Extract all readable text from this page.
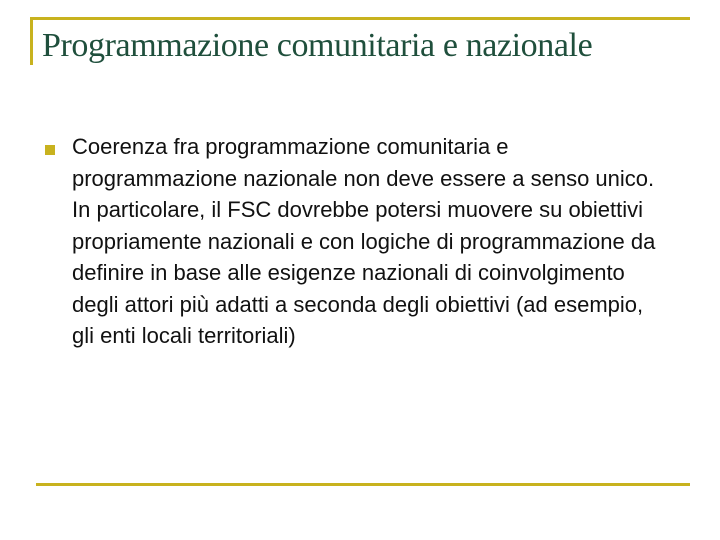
Programmazione comunitaria e nazionale
Coerenza fra programmazione comunitaria e programmazione nazionale non deve essere a senso unico. In particolare, il FSC dovrebbe potersi muovere su obiettivi propriamente nazionali e con logiche di programmazione da definire in base alle esigenze nazionali di coinvolgimento degli attori più adatti a seconda degli obiettivi (ad esempio, gli enti locali territoriali)
